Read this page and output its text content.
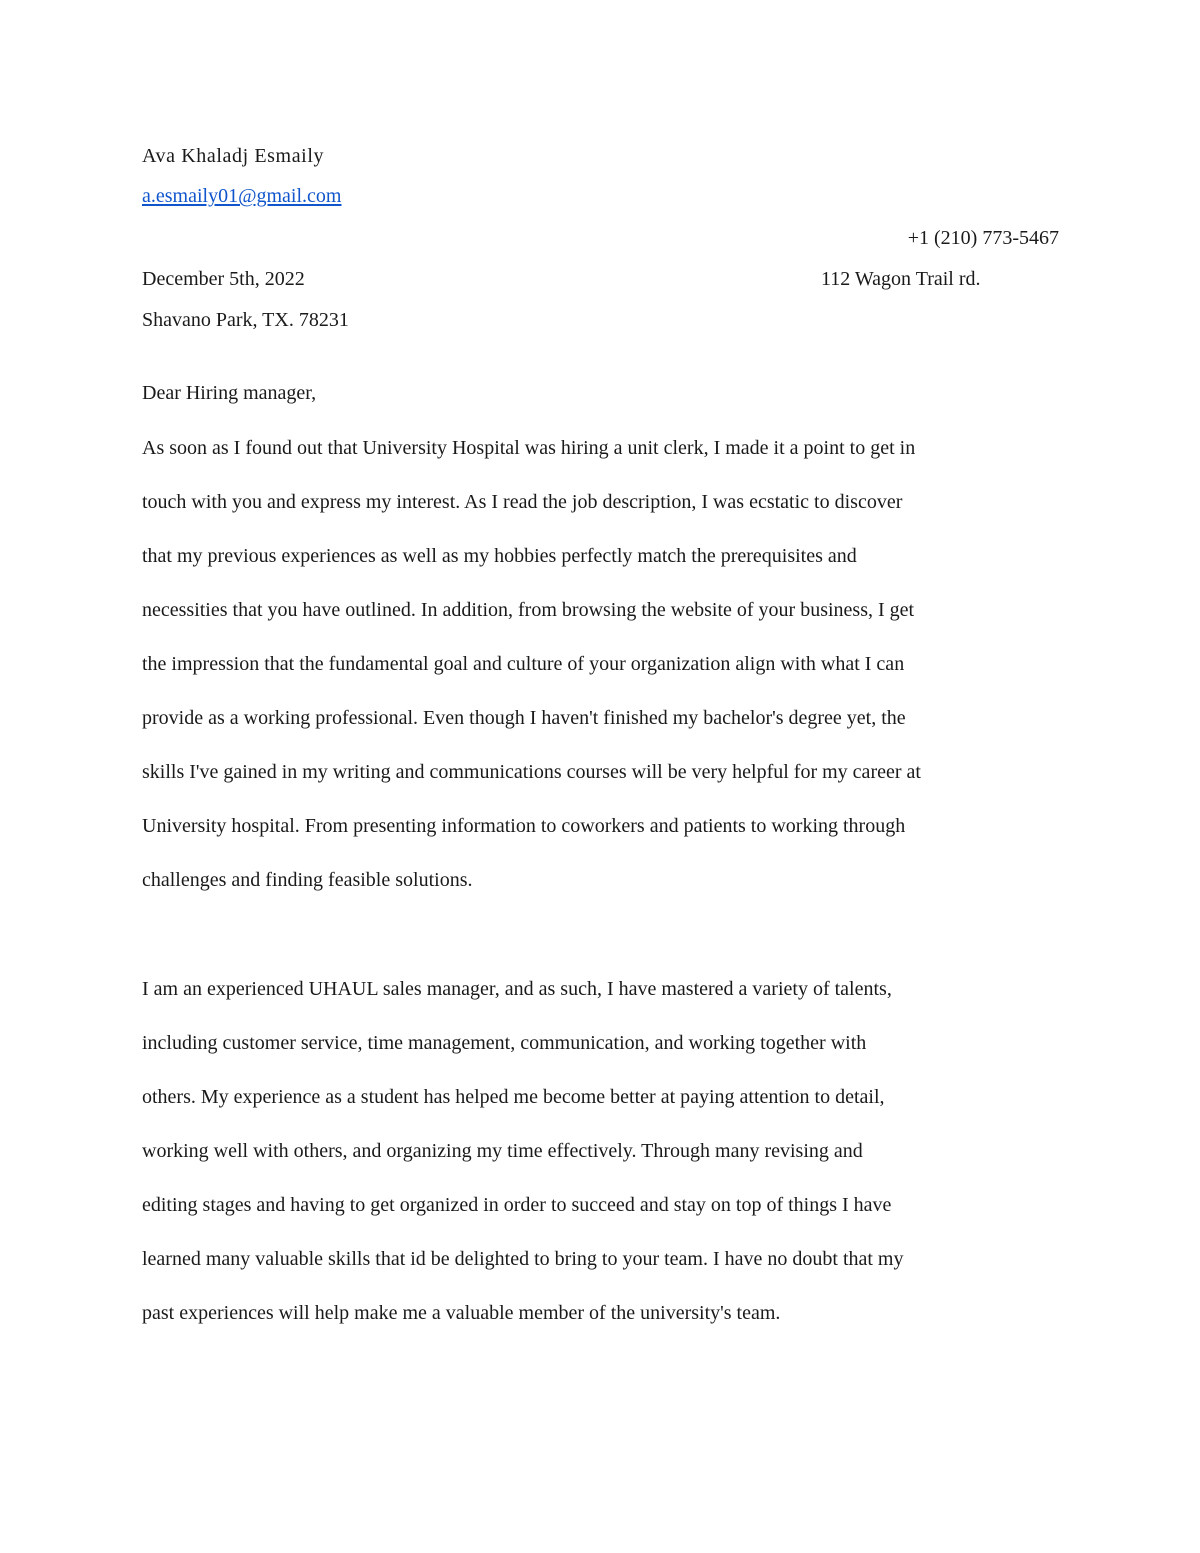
Ava Khaladj Esmaily
a.esmaily01@gmail.com
+1 (210) 773-5467
December 5th, 2022	112 Wagon Trail rd.
Shavano Park, TX. 78231
Dear Hiring manager,
As soon as I found out that University Hospital was hiring a unit clerk, I made it a point to get in
touch with you and express my interest. As I read the job description, I was ecstatic to discover
that my previous experiences as well as my hobbies perfectly match the prerequisites and
necessities that you have outlined. In addition, from browsing the website of your business, I get
the impression that the fundamental goal and culture of your organization align with what I can
provide as a working professional. Even though I haven't finished my bachelor's degree yet, the
skills I've gained in my writing and communications courses will be very helpful for my career at
University hospital. From presenting information to coworkers and patients to working through
challenges and finding feasible solutions.
I am an experienced UHAUL sales manager, and as such, I have mastered a variety of talents,
including customer service, time management, communication, and working together with
others. My experience as a student has helped me become better at paying attention to detail,
working well with others, and organizing my time effectively. Through many revising and
editing stages and having to get organized in order to succeed and stay on top of things I have
learned many valuable skills that id be delighted to bring to your team. I have no doubt that my
past experiences will help make me a valuable member of the university's team.
